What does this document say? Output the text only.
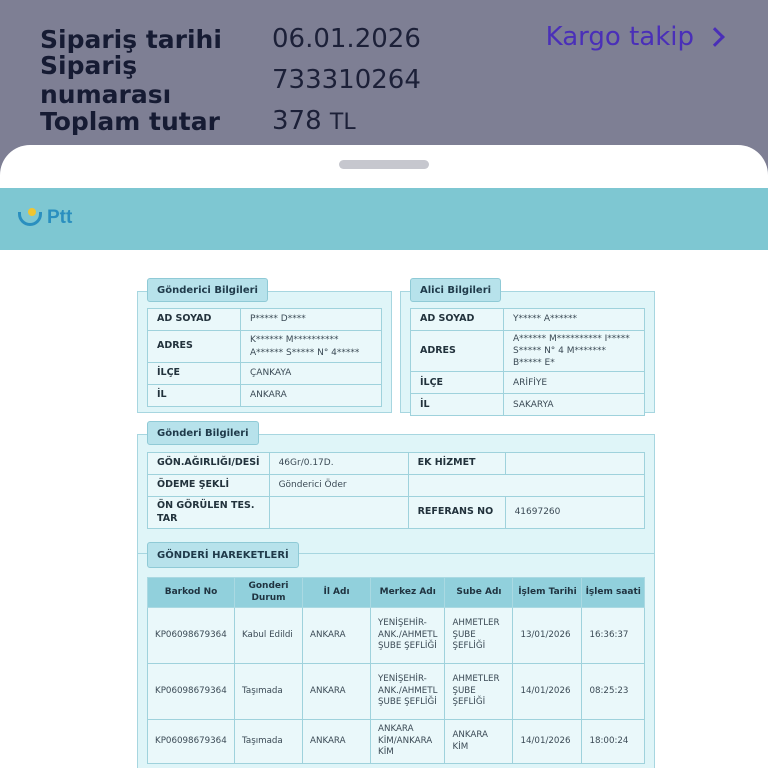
Sipariş tarihi	06.01.2026
Sipariş numarası	733310264
Toplam tutar	378 TL
Kargo takip
Ptt
Gönderici Bilgileri
AD SOYAD	P***** D****
ADRES	K****** M********** A****** S***** N° 4*****
İLÇE	ÇANKAYA
İL	ANKARA
Alici Bilgileri
AD SOYAD	Y***** A******
ADRES	A****** M********** I***** S***** N° 4 M******* B***** E*
İLÇE	ARİFİYE
İL	SAKARYA
Gönderi Bilgileri
GÖN.AĞIRLIĞI/DESİ	46Gr/0.17D.	EK HİZMET	
ÖDEME ŞEKLİ	Gönderici Öder		
ÖN GÖRÜLEN TES. TAR		REFERANS NO	41697260
GÖNDERİ HAREKETLERİ
Barkod No	Gonderi Durum	İl Adı	Merkez Adı	Sube Adı	İşlem Tarihi	İşlem saati
KP06098679364	Kabul Edildi	ANKARA	YENİŞEHİR-ANK./AHMETL ŞUBE ŞEFLİĞİ	AHMETLER ŞUBE ŞEFLİĞİ	13/01/2026	16:36:37
KP06098679364	Taşımada	ANKARA	YENİŞEHİR-ANK./AHMETL ŞUBE ŞEFLİĞİ	AHMETLER ŞUBE ŞEFLİĞİ	14/01/2026	08:25:23
KP06098679364	Taşımada	ANKARA	ANKARA KİM/ANKARA KİM	ANKARA KİM	14/01/2026	18:00:24
